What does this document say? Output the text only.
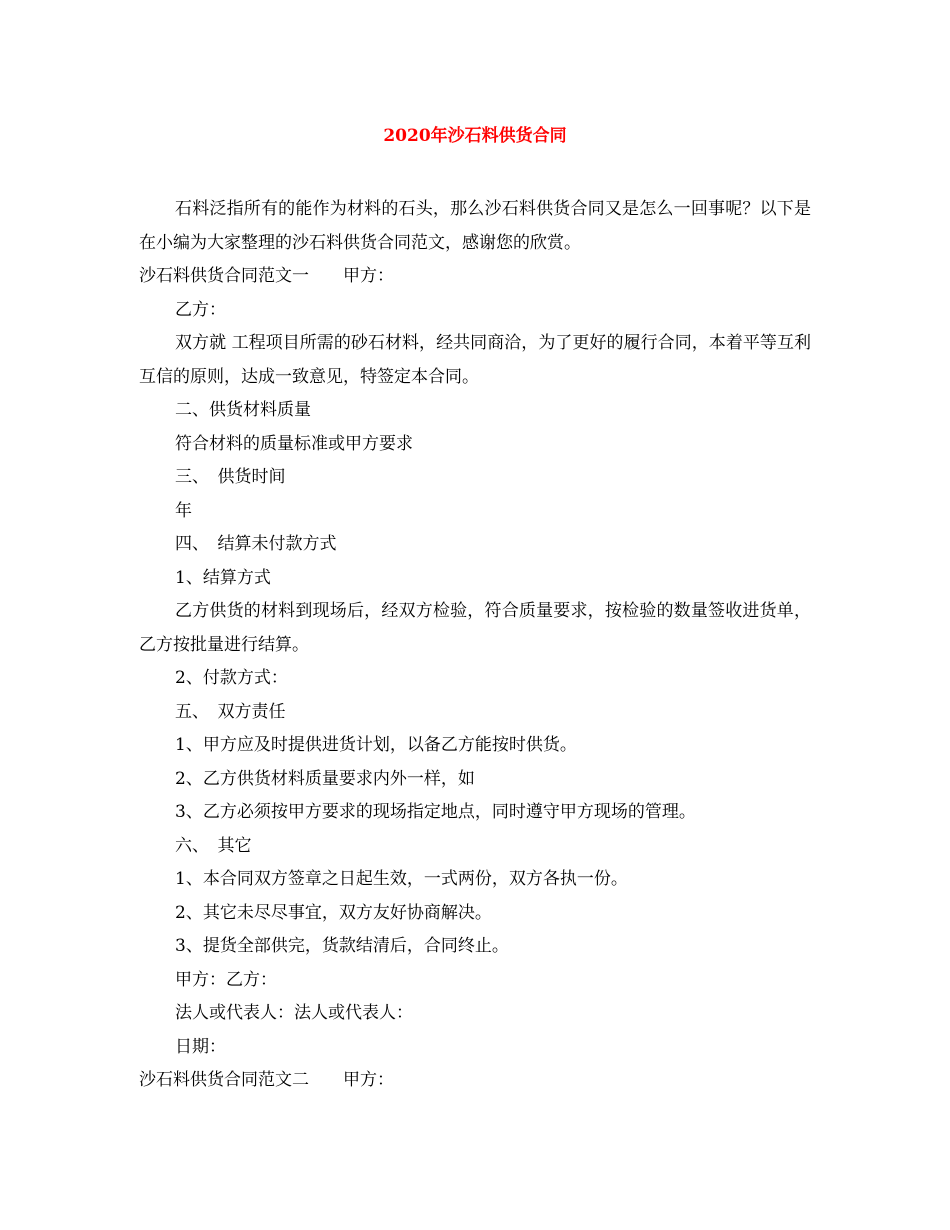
2020年沙石料供货合同

石料泛指所有的能作为材料的石头，那么沙石料供货合同又是怎么一回事呢？以下是在小编为大家整理的沙石料供货合同范文，感谢您的欣赏。

沙石料供货合同范文一　　甲方：

乙方：

双方就 工程项目所需的砂石材料，经共同商洽，为了更好的履行合同，本着平等互利互信的原则，达成一致意见，特签定本合同。

二、供货材料质量

符合材料的质量标准或甲方要求

三、　供货时间

年

四、　结算未付款方式

1、结算方式

乙方供货的材料到现场后，经双方检验，符合质量要求，按检验的数量签收进货单，乙方按批量进行结算。

2、付款方式：

五、　双方责任

1、甲方应及时提供进货计划，以备乙方能按时供货。

2、乙方供货材料质量要求内外一样，如

3、乙方必须按甲方要求的现场指定地点，同时遵守甲方现场的管理。

六、　其它

1、本合同双方签章之日起生效，一式两份，双方各执一份。

2、其它未尽尽事宜，双方友好协商解决。

3、提货全部供完，货款结清后，合同终止。

甲方：乙方：

法人或代表人：法人或代表人：

日期：

沙石料供货合同范文二　　甲方：
